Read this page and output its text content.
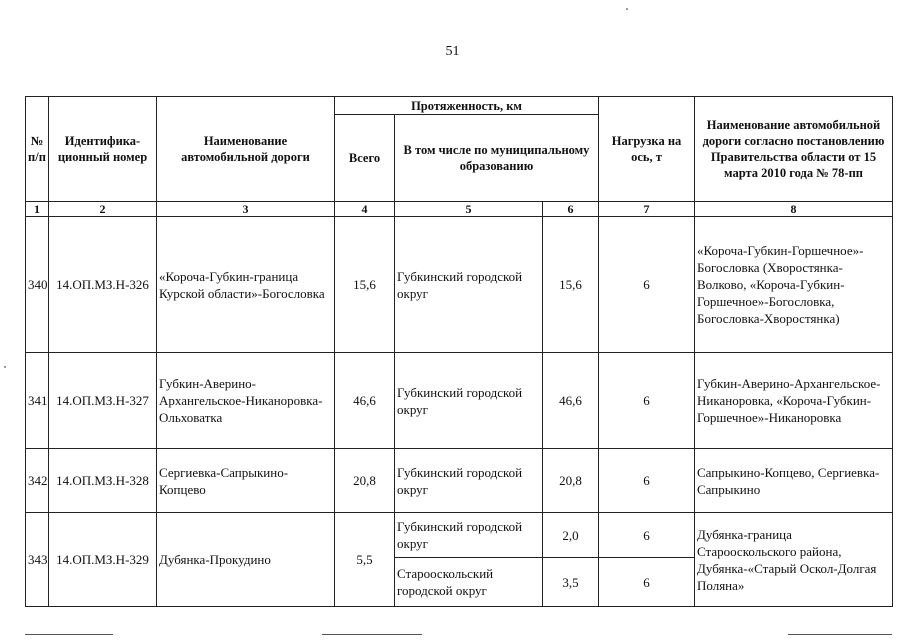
51
№ п/п	Идентифика-ционный номер	Наименование автомобильной дороги	Протяженность, км			Нагрузка на ось, т	Наименование автомобильной дороги согласно постановлению Правительства области от 15 марта 2010 года № 78-пп
			Всего	В том числе по муниципальному образованию			
1	2	3	4	5	6	7	8
340	14.ОП.МЗ.Н-326	«Короча-Губкин-граница Курской области»-Богословка	15,6	Губкинский городской округ	15,6	6	«Короча-Губкин-Горшечное»-Богословка (Хворостянка-Волково, «Короча-Губкин-Горшечное»-Богословка, Богословка-Хворостянка)
341	14.ОП.МЗ.Н-327	Губкин-Аверино-Архангельское-Никаноровка-Ольховатка	46,6	Губкинский городской округ	46,6	6	Губкин-Аверино-Архангельское-Никаноровка, «Короча-Губкин-Горшечное»-Никаноровка
342	14.ОП.МЗ.Н-328	Сергиевка-Сапрыкино-Копцево	20,8	Губкинский городской округ	20,8	6	Сапрыкино-Копцево, Сергиевка-Сапрыкино
343	14.ОП.МЗ.Н-329	Дубянка-Прокудино	5,5	Губкинский городской округ	2,0	6	Дубянка-граница Старооскольского района, Дубянка-«Старый Оскол-Долгая Поляна»
				Старооскольский городской округ	3,5	6	
